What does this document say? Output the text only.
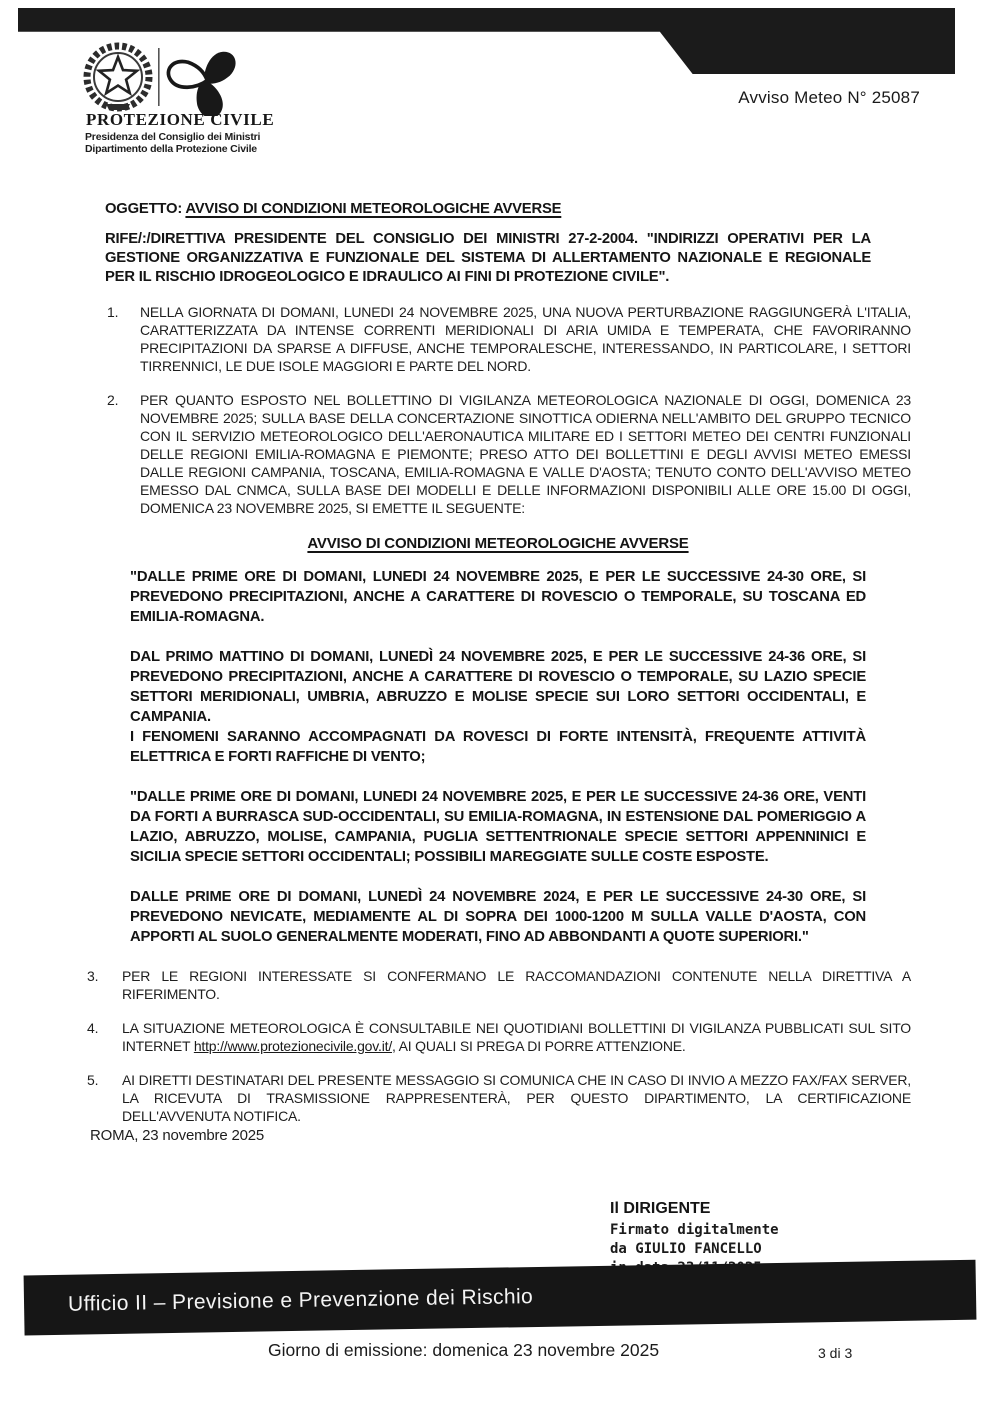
PROTEZIONE CIVILE
Presidenza del Consiglio dei Ministri
Dipartimento della Protezione Civile
Avviso Meteo N° 25087

OGGETTO: AVVISO DI CONDIZIONI METEOROLOGICHE AVVERSE

RIFE/:/DIRETTIVA PRESIDENTE DEL CONSIGLIO DEI MINISTRI 27-2-2004. "INDIRIZZI OPERATIVI PER LA GESTIONE ORGANIZZATIVA E FUNZIONALE DEL SISTEMA DI ALLERTAMENTO NAZIONALE E REGIONALE PER IL RISCHIO IDROGEOLOGICO E IDRAULICO AI FINI DI PROTEZIONE CIVILE".

1.	NELLA GIORNATA DI DOMANI, LUNEDI 24 NOVEMBRE 2025, UNA NUOVA PERTURBAZIONE RAGGIUNGERÀ L'ITALIA, CARATTERIZZATA DA INTENSE CORRENTI MERIDIONALI DI ARIA UMIDA E TEMPERATA, CHE FAVORIRANNO PRECIPITAZIONI DA SPARSE A DIFFUSE, ANCHE TEMPORALESCHE, INTERESSANDO, IN PARTICOLARE, I SETTORI TIRRENNICI, LE DUE ISOLE MAGGIORI E PARTE DEL NORD.

2.	PER QUANTO ESPOSTO NEL BOLLETTINO DI VIGILANZA METEOROLOGICA NAZIONALE DI OGGI, DOMENICA 23 NOVEMBRE 2025; SULLA BASE DELLA CONCERTAZIONE SINOTTICA ODIERNA NELL'AMBITO DEL GRUPPO TECNICO CON IL SERVIZIO METEOROLOGICO DELL'AERONAUTICA MILITARE ED I SETTORI METEO DEI CENTRI FUNZIONALI DELLE REGIONI EMILIA-ROMAGNA E PIEMONTE; PRESO ATTO DEI BOLLETTINI E DEGLI AVVISI METEO EMESSI DALLE REGIONI CAMPANIA, TOSCANA, EMILIA-ROMAGNA E VALLE D'AOSTA; TENUTO CONTO DELL'AVVISO METEO EMESSO DAL CNMCA, SULLA BASE DEI MODELLI E DELLE INFORMAZIONI DISPONIBILI ALLE ORE 15.00 DI OGGI, DOMENICA 23 NOVEMBRE 2025, SI EMETTE IL SEGUENTE:

AVVISO DI CONDIZIONI METEOROLOGICHE AVVERSE

"DALLE PRIME ORE DI DOMANI, LUNEDI 24 NOVEMBRE 2025, E PER LE SUCCESSIVE 24-30 ORE, SI PREVEDONO PRECIPITAZIONI, ANCHE A CARATTERE DI ROVESCIO O TEMPORALE, SU TOSCANA ED EMILIA-ROMAGNA.

DAL PRIMO MATTINO DI DOMANI, LUNEDÌ 24 NOVEMBRE 2025, E PER LE SUCCESSIVE 24-36 ORE, SI PREVEDONO PRECIPITAZIONI, ANCHE A CARATTERE DI ROVESCIO O TEMPORALE, SU LAZIO SPECIE SETTORI MERIDIONALI, UMBRIA, ABRUZZO E MOLISE SPECIE SUI LORO SETTORI OCCIDENTALI, E CAMPANIA.

I FENOMENI SARANNO ACCOMPAGNATI DA ROVESCI DI FORTE INTENSITÀ, FREQUENTE ATTIVITÀ ELETTRICA E FORTI RAFFICHE DI VENTO;

"DALLE PRIME ORE DI DOMANI, LUNEDI 24 NOVEMBRE 2025, E PER LE SUCCESSIVE 24-36 ORE, VENTI DA FORTI A BURRASCA SUD-OCCIDENTALI, SU EMILIA-ROMAGNA, IN ESTENSIONE DAL POMERIGGIO A LAZIO, ABRUZZO, MOLISE, CAMPANIA, PUGLIA SETTENTRIONALE SPECIE SETTORI APPENNINICI E SICILIA SPECIE SETTORI OCCIDENTALI; POSSIBILI MAREGGIATE SULLE COSTE ESPOSTE.

DALLE PRIME ORE DI DOMANI, LUNEDÌ 24 NOVEMBRE 2024, E PER LE SUCCESSIVE 24-30 ORE, SI PREVEDONO NEVICATE, MEDIAMENTE AL DI SOPRA DEI 1000-1200 M SULLA VALLE D'AOSTA, CON APPORTI AL SUOLO GENERALMENTE MODERATI, FINO AD ABBONDANTI A QUOTE SUPERIORI."

3.	PER LE REGIONI INTERESSATE SI CONFERMANO LE RACCOMANDAZIONI CONTENUTE NELLA DIRETTIVA A RIFERIMENTO.

4.	LA SITUAZIONE METEOROLOGICA È CONSULTABILE NEI QUOTIDIANI BOLLETTINI DI VIGILANZA PUBBLICATI SUL SITO INTERNET http://www.protezionecivile.gov.it/, AI QUALI SI PREGA DI PORRE ATTENZIONE.

5.	AI DIRETTI DESTINATARI DEL PRESENTE MESSAGGIO SI COMUNICA CHE IN CASO DI INVIO A MEZZO FAX/FAX SERVER, LA RICEVUTA DI TRASMISSIONE RAPPRESENTERÀ, PER QUESTO DIPARTIMENTO, LA CERTIFICAZIONE DELL'AVVENUTA NOTIFICA.

ROMA, 23 novembre 2025

Il DIRIGENTE

Firmato digitalmente
da GIULIO FANCELLO
Ufficio II – Previsione e Prevenzione dei Rischio
Giorno di emissione: domenica 23 novembre 2025	3 di 3
